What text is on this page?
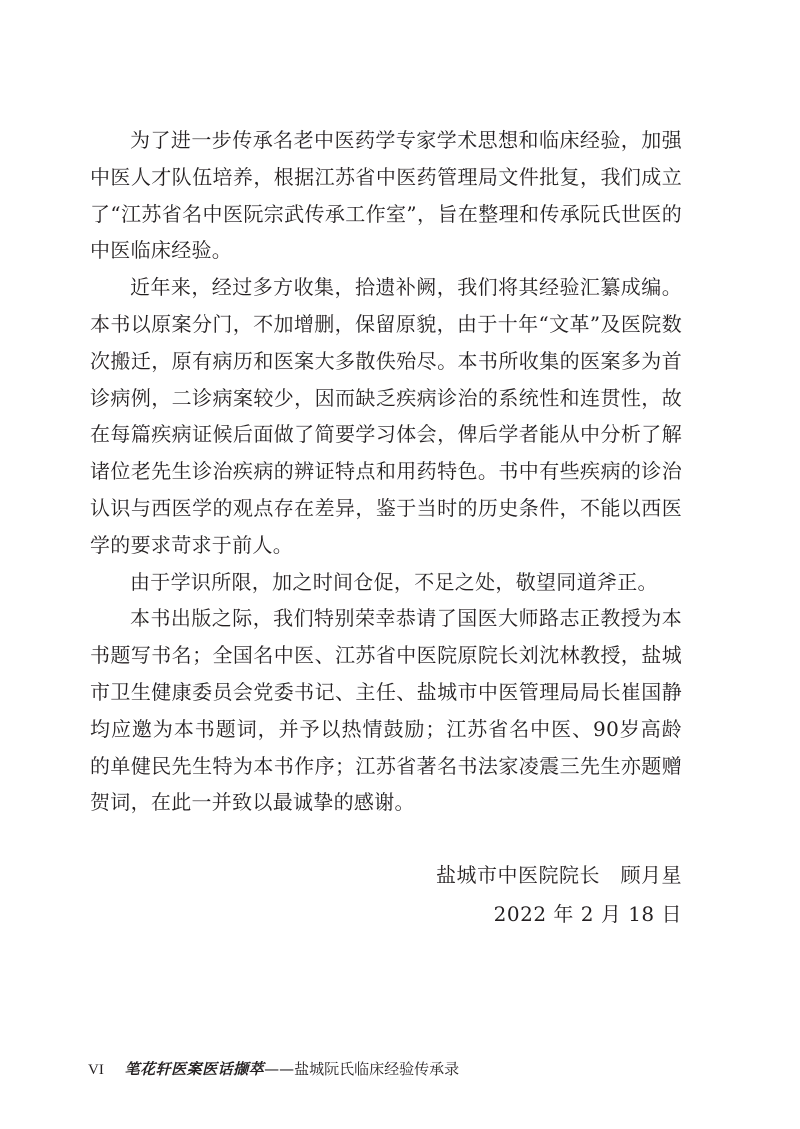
为了进一步传承名老中医药学专家学术思想和临床经验，加强中医人才队伍培养，根据江苏省中医药管理局文件批复，我们成立了“江苏省名中医阮宗武传承工作室”，旨在整理和传承阮氏世医的中医临床经验。

近年来，经过多方收集，拾遗补阙，我们将其经验汇纂成编。本书以原案分门，不加增删，保留原貌，由于十年“文革”及医院数次搬迁，原有病历和医案大多散佚殆尽。本书所收集的医案多为首诊病例，二诊病案较少，因而缺乏疾病诊治的系统性和连贯性，故在每篇疾病证候后面做了简要学习体会，俾后学者能从中分析了解诸位老先生诊治疾病的辨证特点和用药特色。书中有些疾病的诊治认识与西医学的观点存在差异，鉴于当时的历史条件，不能以西医学的要求苛求于前人。

由于学识所限，加之时间仓促，不足之处，敬望同道斧正。

本书出版之际，我们特别荣幸恭请了国医大师路志正教授为本书题写书名；全国名中医、江苏省中医院原院长刘沈林教授，盐城市卫生健康委员会党委书记、主任、盐城市中医管理局局长崔国静均应邀为本书题词，并予以热情鼓励；江苏省名中医、90岁高龄的单健民先生特为本书作序；江苏省著名书法家凌震三先生亦题赠贺词，在此一并致以最诚挚的感谢。

盐城市中医院院长　顾月星
2022 年 2 月 18 日
VI 笔花轩医案医话撷萃——盐城阮氏临床经验传承录
